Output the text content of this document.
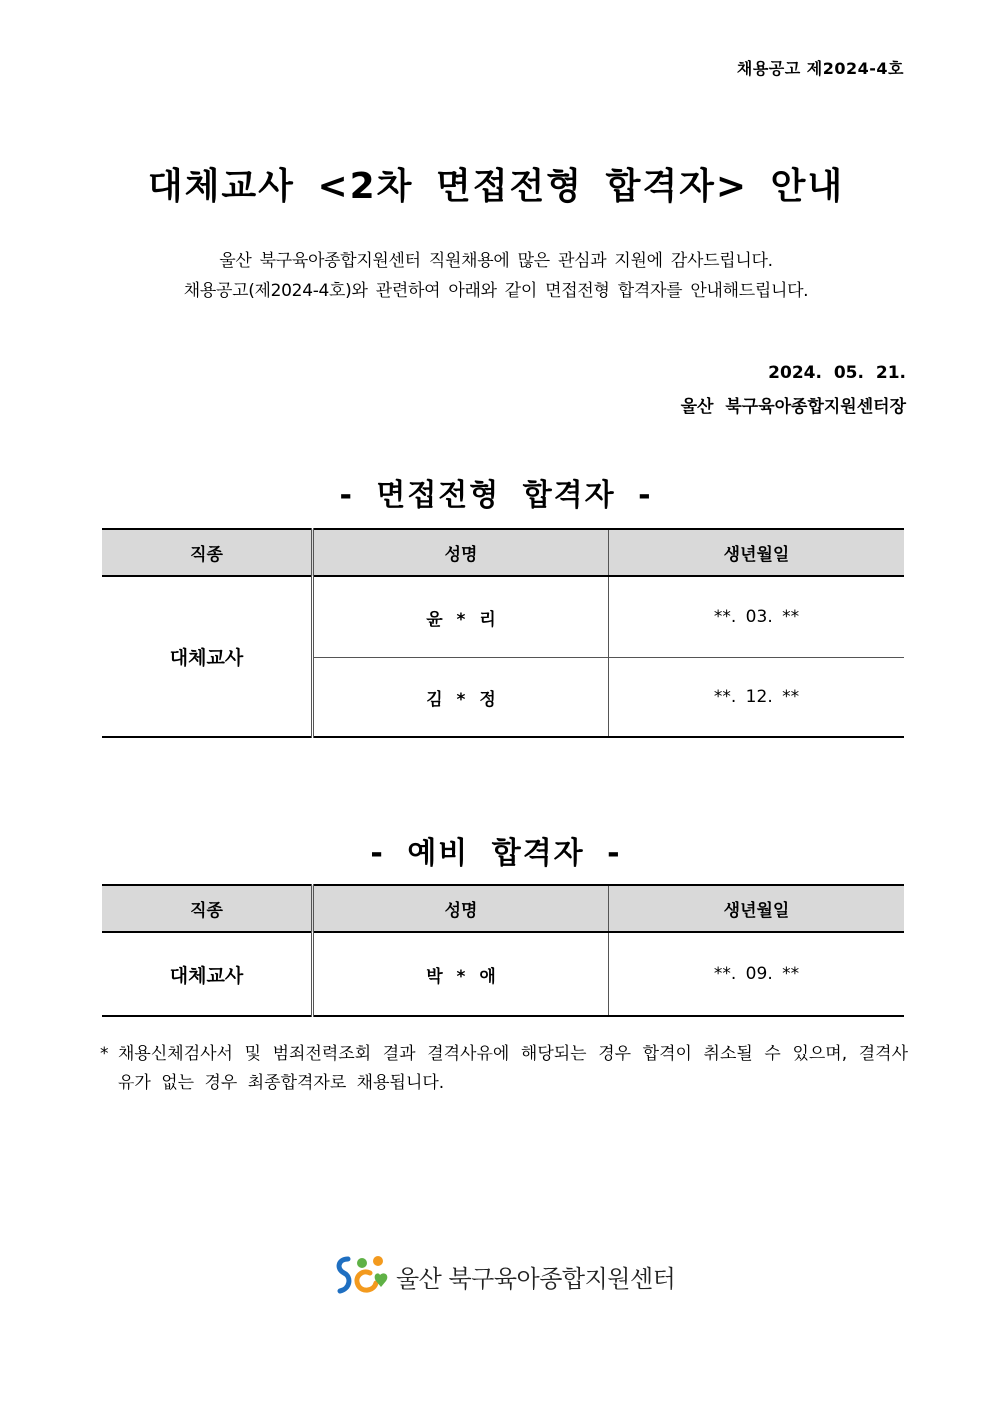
채용공고 제2024-4호
대체교사 <2차 면접전형 합격자> 안내
울산 북구육아종합지원센터 직원채용에 많은 관심과 지원에 감사드립니다.
채용공고(제2024-4호)와 관련하여 아래와 같이 면접전형 합격자를 안내해드립니다.
2024. 05. 21.
울산 북구육아종합지원센터장
- 면접전형 합격자 -
직종	성명	생년월일
대체교사	윤 * 리	**. 03. **
	김 * 정	**. 12. **
- 예비 합격자 -
직종	성명	생년월일
대체교사	박 * 애	**. 09. **
* 채용신체검사서 및 범죄전력조회 결과 결격사유에 해당되는 경우 합격이 취소될 수 있으며, 결격사유가 없는 경우 최종합격자로 채용됩니다.
울산 북구육아종합지원센터
